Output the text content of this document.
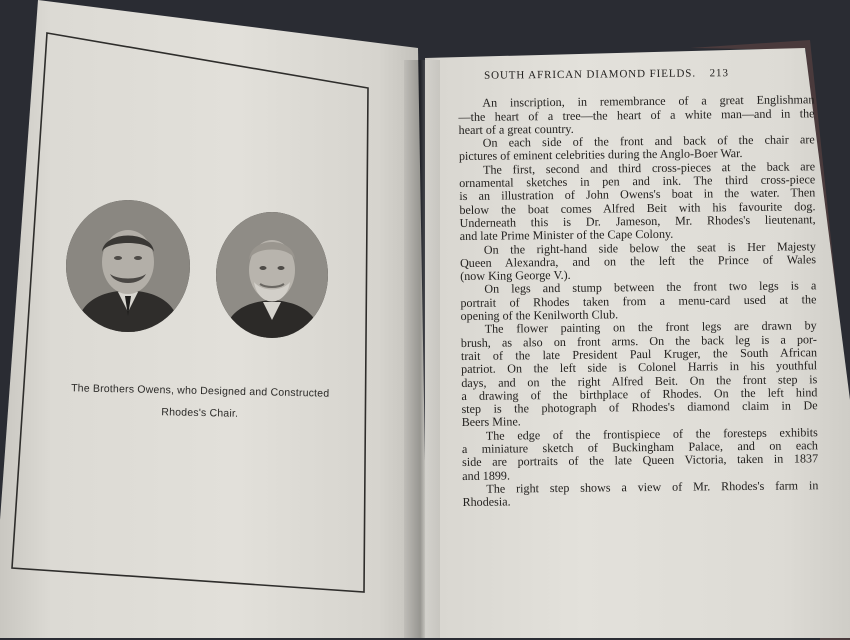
The Brothers Owens, who Designed and Constructed
Rhodes's Chair.
SOUTH AFRICAN DIAMOND FIELDS. 213
An inscription, in remembrance of a great Englishman
—the heart of a tree—the heart of a white man—and in the
heart of a great country.
On each side of the front and back of the chair are
pictures of eminent celebrities during the Anglo-Boer War.
The first, second and third cross-pieces at the back are
ornamental sketches in pen and ink. The third cross-piece
is an illustration of John Owens's boat in the water. Then
below the boat comes Alfred Beit with his favourite dog.
Underneath this is Dr. Jameson, Mr. Rhodes's lieutenant,
and late Prime Minister of the Cape Colony.
On the right-hand side below the seat is Her Majesty
Queen Alexandra, and on the left the Prince of Wales
(now King George V.).
On legs and stump between the front two legs is a
portrait of Rhodes taken from a menu-card used at the
opening of the Kenilworth Club.
The flower painting on the front legs are drawn by
brush, as also on front arms. On the back leg is a por-
trait of the late President Paul Kruger, the South African
patriot. On the left side is Colonel Harris in his youthful
days, and on the right Alfred Beit. On the front step is
a drawing of the birthplace of Rhodes. On the left hind
step is the photograph of Rhodes's diamond claim in De
Beers Mine.
The edge of the frontispiece of the foresteps exhibits
a miniature sketch of Buckingham Palace, and on each
side are portraits of the late Queen Victoria, taken in 1837
and 1899.
The right step shows a view of Mr. Rhodes's farm in
Rhodesia.
